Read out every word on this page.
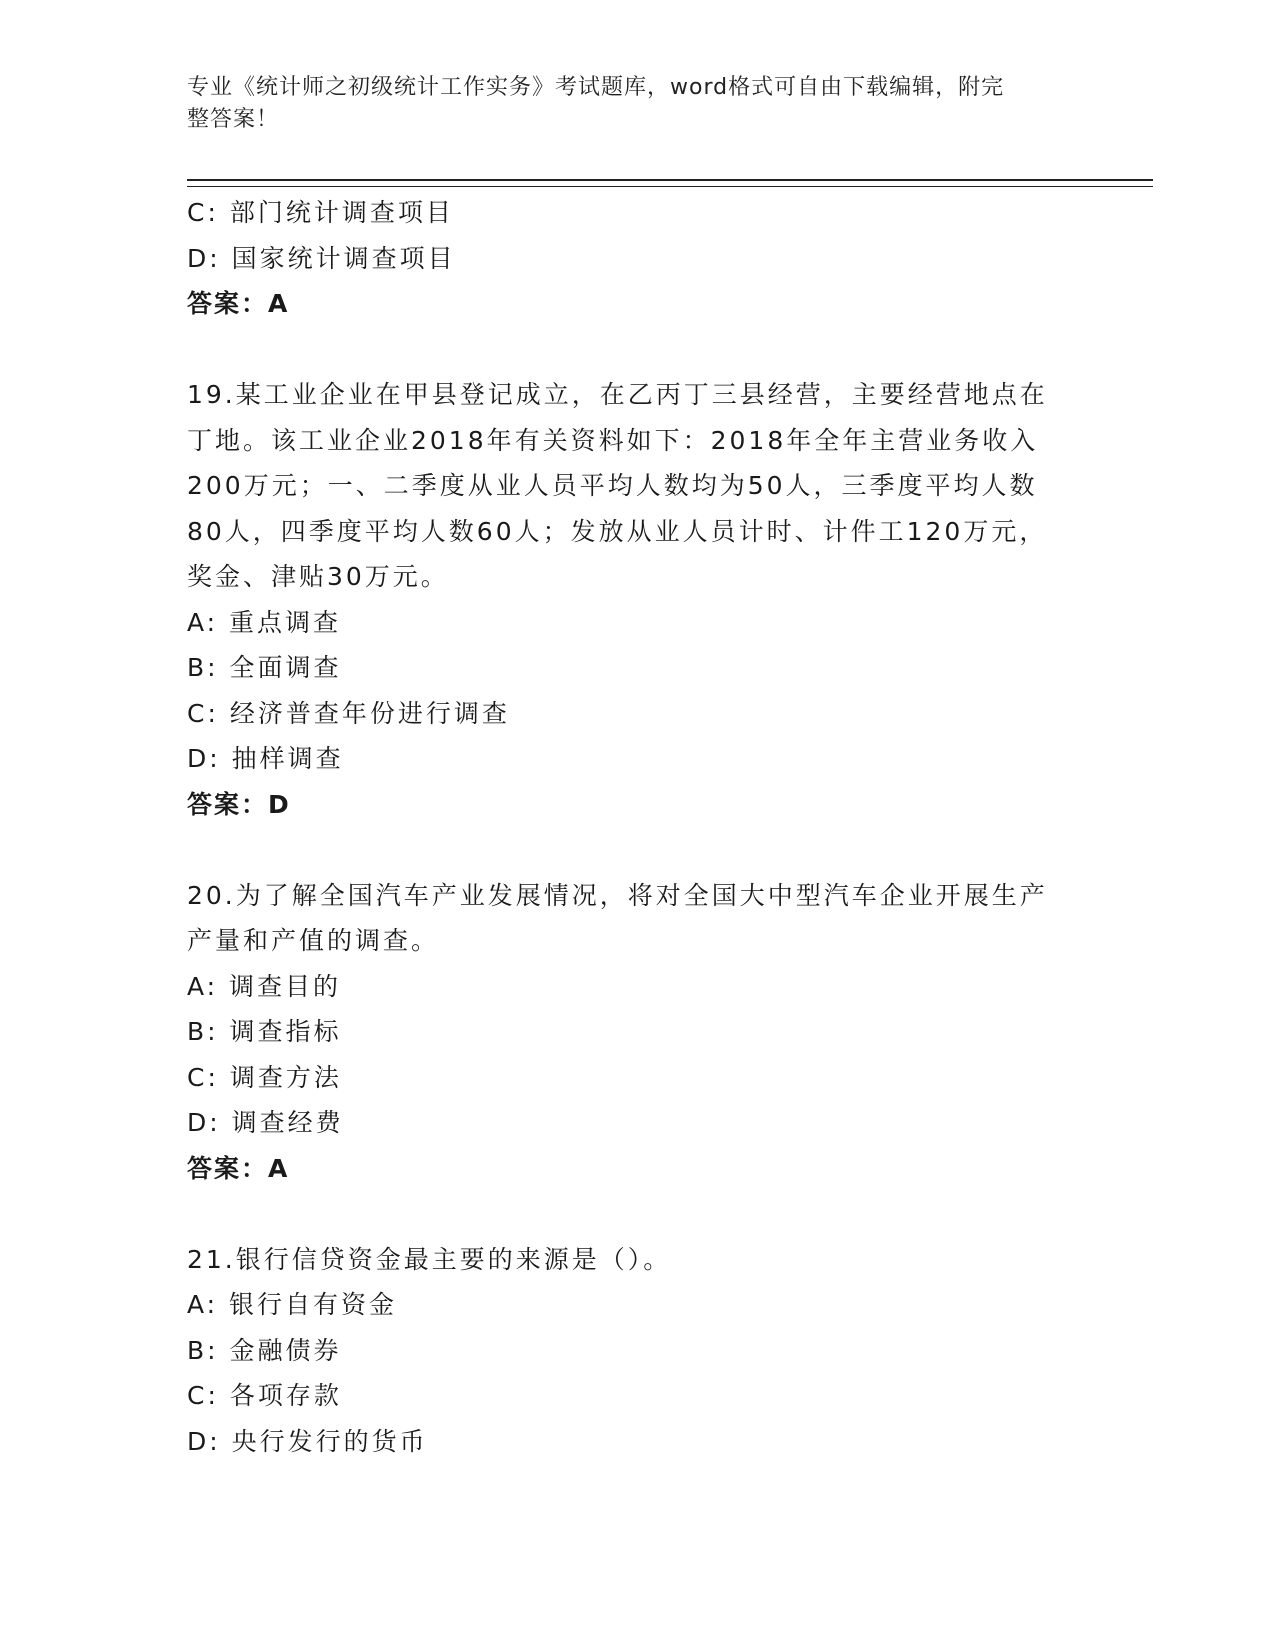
专业《统计师之初级统计工作实务》考试题库，word格式可自由下载编辑，附完
整答案！
C: 部门统计调查项目
D: 国家统计调查项目
答案：A
19.某工业企业在甲县登记成立，在乙丙丁三县经营，主要经营地点在
丁地。该工业企业2018年有关资料如下：2018年全年主营业务收入
200万元；一、二季度从业人员平均人数均为50人，三季度平均人数
80人，四季度平均人数60人；发放从业人员计时、计件工120万元，
奖金、津贴30万元。
A: 重点调查
B: 全面调查
C: 经济普查年份进行调查
D: 抽样调查
答案：D
20.为了解全国汽车产业发展情况，将对全国大中型汽车企业开展生产
产量和产值的调查。
A: 调查目的
B: 调查指标
C: 调查方法
D: 调查经费
答案：A
21.银行信贷资金最主要的来源是（）。
A: 银行自有资金
B: 金融债券
C: 各项存款
D: 央行发行的货币
